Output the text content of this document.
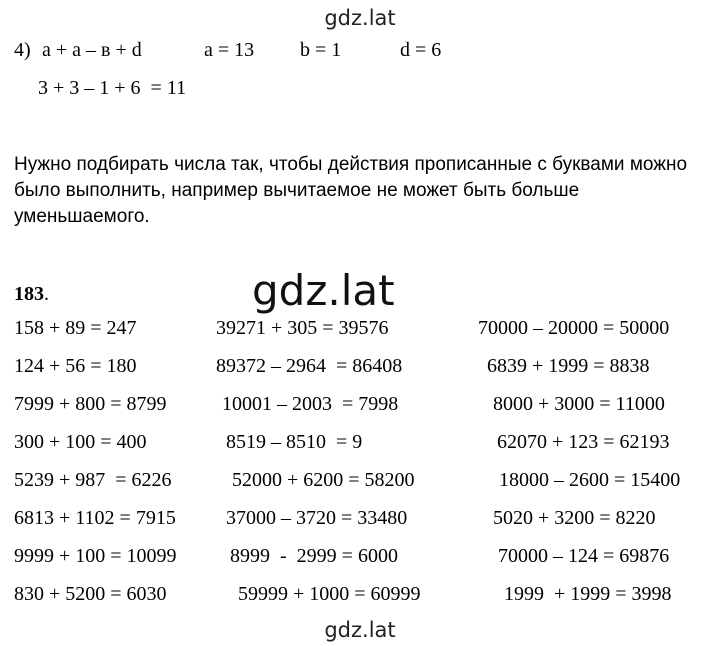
gdz.lat
4) a + a – в + d	a = 13 b = 1	d = 6
3 + 3 – 1 + 6  = 11
Нужно подбирать числа так, чтобы действия прописанные с буквами можно было выполнить, например вычитаемое не может быть больше уменьшаемого.
183.	gdz.lat
158 + 89 = 247	39271 + 305 = 39576	70000 – 20000 = 50000
124 + 56 = 180	89372 – 2964  = 86408	6839 + 1999 = 8838
7999 + 800 = 8799	10001 – 2003  = 7998	8000 + 3000 = 11000
300 + 100 = 400	8519 – 8510  = 9	62070 + 123 = 62193
5239 + 987  = 6226	52000 + 6200 = 58200	18000 – 2600 = 15400
6813 + 1102 = 7915	37000 – 3720 = 33480	5020 + 3200 = 8220
9999 + 100 = 10099	8999  -  2999 = 6000	70000 – 124 = 69876
830 + 5200 = 6030	59999 + 1000 = 60999	1999  + 1999 = 3998
gdz.lat
